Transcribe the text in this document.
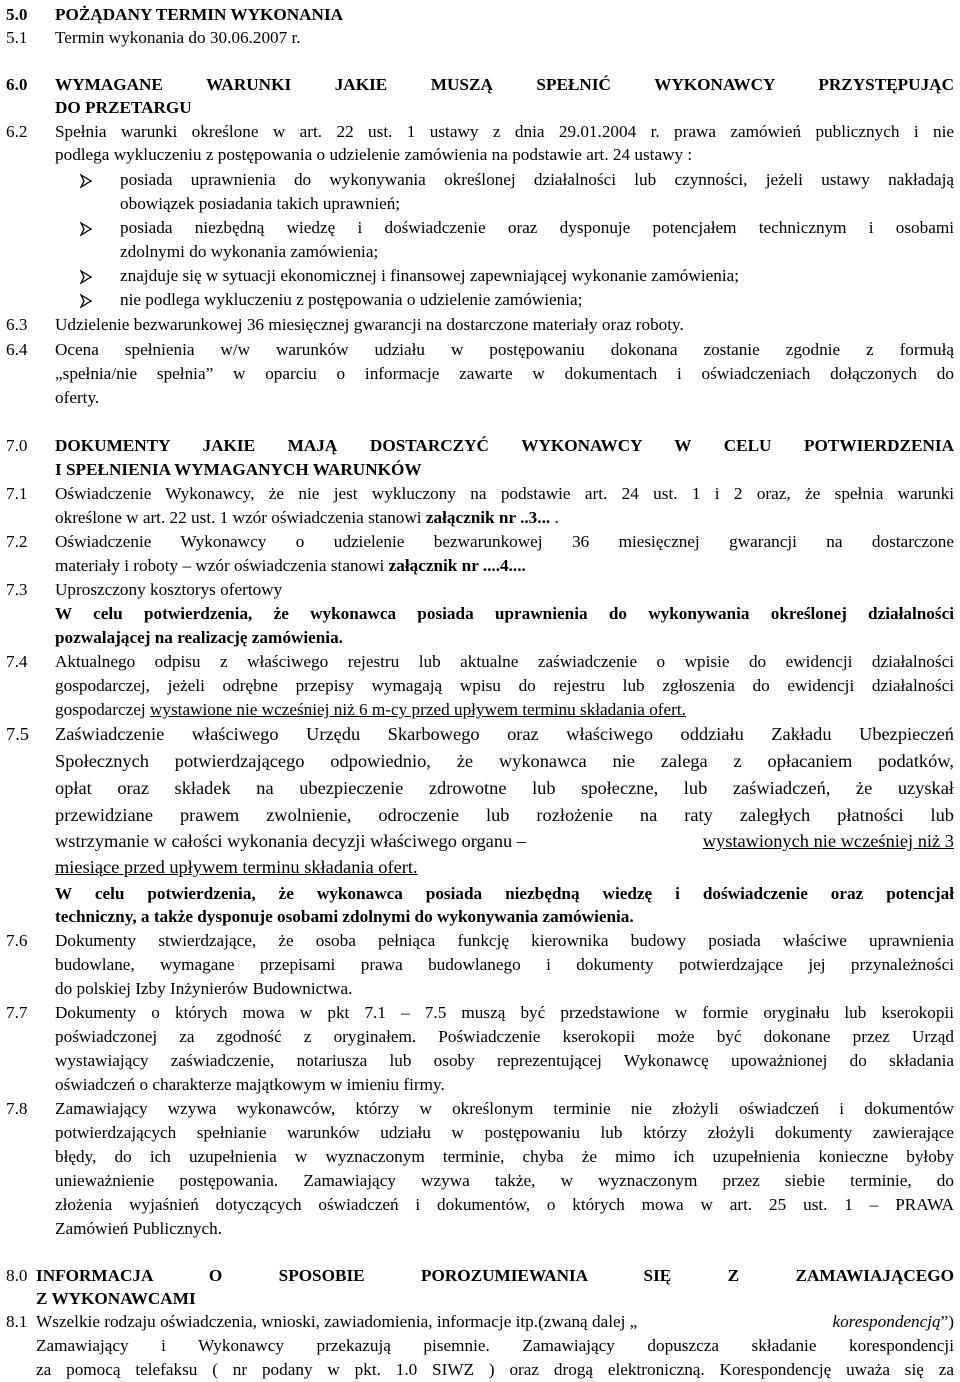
5.0 POŻĄDANY TERMIN WYKONANIA
5.1 Termin wykonania do 30.06.2007 r.
6.0 WYMAGANE WARUNKI JAKIE MUSZĄ SPEŁNIĆ WYKONAWCY PRZYSTĘPUJĄC
DO PRZETARGU
6.2 Spełnia warunki określone w art. 22 ust. 1 ustawy z dnia 29.01.2004 r. prawa zamówień publicznych i nie
podlega wykluczeniu z postępowania o udzielenie zamówienia na podstawie art. 24 ustawy :
posiada uprawnienia do wykonywania określonej działalności lub czynności, jeżeli ustawy nakładają
obowiązek posiadania takich uprawnień;
posiada niezbędną wiedzę i doświadczenie oraz dysponuje potencjałem technicznym i osobami
zdolnymi do wykonania zamówienia;
znajduje się w sytuacji ekonomicznej i finansowej zapewniającej wykonanie zamówienia;
nie podlega wykluczeniu z postępowania o udzielenie zamówienia;
6.3 Udzielenie bezwarunkowej 36 miesięcznej gwarancji na dostarczone materiały oraz roboty.
6.4 Ocena spełnienia w/w warunków udziału w postępowaniu dokonana zostanie zgodnie z formułą
„spełnia/nie spełnia” w oparciu o informacje zawarte w dokumentach i oświadczeniach dołączonych do
oferty.
7.0 DOKUMENTY JAKIE MAJĄ DOSTARCZYĆ WYKONAWCY W CELU POTWIERDZENIA
I SPEŁNIENIA WYMAGANYCH WARUNKÓW
7.1 Oświadczenie Wykonawcy, że nie jest wykluczony na podstawie art. 24 ust. 1 i 2 oraz, że spełnia warunki
określone w art. 22 ust. 1 wzór oświadczenia stanowi załącznik nr ..3... .
7.2 Oświadczenie Wykonawcy o udzielenie bezwarunkowej 36 miesięcznej gwarancji na dostarczone
materiały i roboty – wzór oświadczenia stanowi załącznik nr ....4....
7.3 Uproszczony kosztorys ofertowy
W celu potwierdzenia, że wykonawca posiada uprawnienia do wykonywania określonej działalności
pozwalającej na realizację zamówienia.
7.4 Aktualnego odpisu z właściwego rejestru lub aktualne zaświadczenie o wpisie do ewidencji działalności
gospodarczej, jeżeli odrębne przepisy wymagają wpisu do rejestru lub zgłoszenia do ewidencji działalności
gospodarczej wystawione nie wcześniej niż 6 m-cy przed upływem terminu składania ofert.
7.5 Zaświadczenie właściwego Urzędu Skarbowego oraz właściwego oddziału Zakładu Ubezpieczeń
Społecznych potwierdzającego odpowiednio, że wykonawca nie zalega z opłacaniem podatków,
opłat oraz składek na ubezpieczenie zdrowotne lub społeczne, lub zaświadczeń, że uzyskał
przewidziane prawem zwolnienie, odroczenie lub rozłożenie na raty zaległych płatności lub
wstrzymanie w całości wykonania decyzji właściwego organu –	wystawionych nie wcześniej niż 3
miesiące przed upływem terminu składania ofert.
W celu potwierdzenia, że wykonawca posiada niezbędną wiedzę i doświadczenie oraz potencjał
techniczny, a także dysponuje osobami zdolnymi do wykonywania zamówienia.
7.6 Dokumenty stwierdzające, że osoba pełniąca funkcję kierownika budowy posiada właściwe uprawnienia
budowlane, wymagane przepisami prawa budowlanego i dokumenty potwierdzające jej przynależności
do polskiej Izby Inżynierów Budownictwa.
7.7 Dokumenty o których mowa w pkt 7.1 – 7.5 muszą być przedstawione w formie oryginału lub kserokopii
poświadczonej za zgodność z oryginałem. Poświadczenie kserokopii może być dokonane przez Urząd
wystawiający zaświadczenie, notariusza lub osoby reprezentującej Wykonawcę upoważnionej do składania
oświadczeń o charakterze majątkowym w imieniu firmy.
7.8 Zamawiający wzywa wykonawców, którzy w określonym terminie nie złożyli oświadczeń i dokumentów
potwierdzających spełnianie warunków udziału w postępowaniu lub którzy złożyli dokumenty zawierające
błędy, do ich uzupełnienia w wyznaczonym terminie, chyba że mimo ich uzupełnienia konieczne byłoby
unieważnienie postępowania. Zamawiający wzywa także, w wyznaczonym przez siebie terminie, do
złożenia wyjaśnień dotyczących oświadczeń i dokumentów, o których mowa w art. 25 ust. 1 – PRAWA
Zamówień Publicznych.
8.0 INFORMACJA O SPOSOBIE POROZUMIEWANIA SIĘ Z ZAMAWIAJĄCEGO
Z WYKONAWCAMI
8.1 Wszelkie rodzaju oświadczenia, wnioski, zawiadomienia, informacje itp.(zwaną dalej „	korespondencją”)
Zamawiający i Wykonawcy przekazują pisemnie. Zamawiający dopuszcza składanie korespondencji
za pomocą telefaksu ( nr podany w pkt. 1.0 SIWZ ) oraz drogą elektroniczną. Korespondencję uważa się za
